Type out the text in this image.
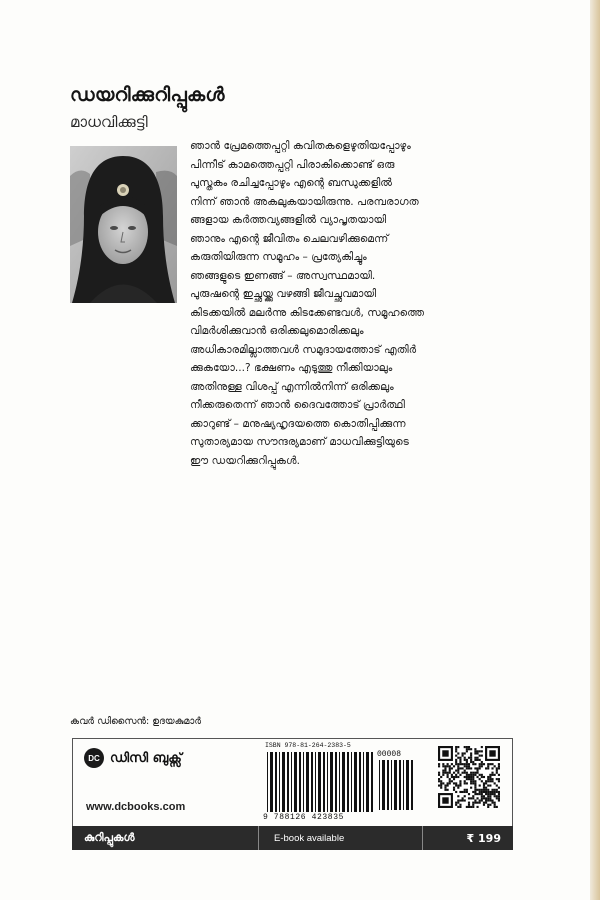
ഡയറിക്കുറിപ്പുകൾ
മാധവിക്കുട്ടി
ഞാൻ പ്രേമത്തെപ്പറ്റി കവിതകളെഴുതിയപ്പോഴും
പിന്നീട് കാമത്തെപ്പറ്റി പിരാകിക്കൊണ്ട് ഒരു
പുസ്തകം രചിച്ചപ്പോഴും എന്റെ ബന്ധുക്കളിൽ
നിന്ന് ഞാൻ അകലുകയായിരുന്നു. പരമ്പരാഗത
ങ്ങളായ കർത്തവ്യങ്ങളിൽ വ്യാപൃതയായി
ഞാനും എന്റെ ജീവിതം ചെലവഴിക്കുമെന്ന്
കരുതിയിരുന്ന സമൂഹം – പ്രത്യേകിച്ചും
ഞങ്ങളുടെ ഇണങ്ങ് – അസ്വസ്ഥമായി.
പുരുഷന്റെ ഇച്ഛയ്ക്കു വഴങ്ങി ജീവച്ഛവമായി
കിടക്കയിൽ മലർന്നു കിടക്കേണ്ടവൾ, സമൂഹത്തെ
വിമർശിക്കുവാൻ ഒരിക്കലുമൊരിക്കലും
അധികാരമില്ലാത്തവൾ സമുദായത്തോട് എതിർ
ക്കുകയോ...? ഭക്ഷണം എടുത്തു നീക്കിയാലും
അതിനുള്ള വിശപ്പ് എന്നിൽനിന്ന് ഒരിക്കലും
നീക്കരുതെന്ന് ഞാൻ ദൈവത്തോട് പ്രാർത്ഥി
ക്കാറുണ്ട് – മനുഷ്യഹൃദയത്തെ കൊതിപ്പിക്കുന്ന
സുതാര്യമായ സൗന്ദര്യമാണ് മാധവിക്കുട്ടിയുടെ
ഈ ഡയറിക്കുറിപ്പുകൾ.
കവർ ഡിസൈൻ: ഉദയകുമാർ
DC ഡിസി ബുക്സ്
www.dcbooks.com
ISBN 978-81-264-2383-5
00008
9 788126 423835
കുറിപ്പുകൾ	E-book available	₹ 199
